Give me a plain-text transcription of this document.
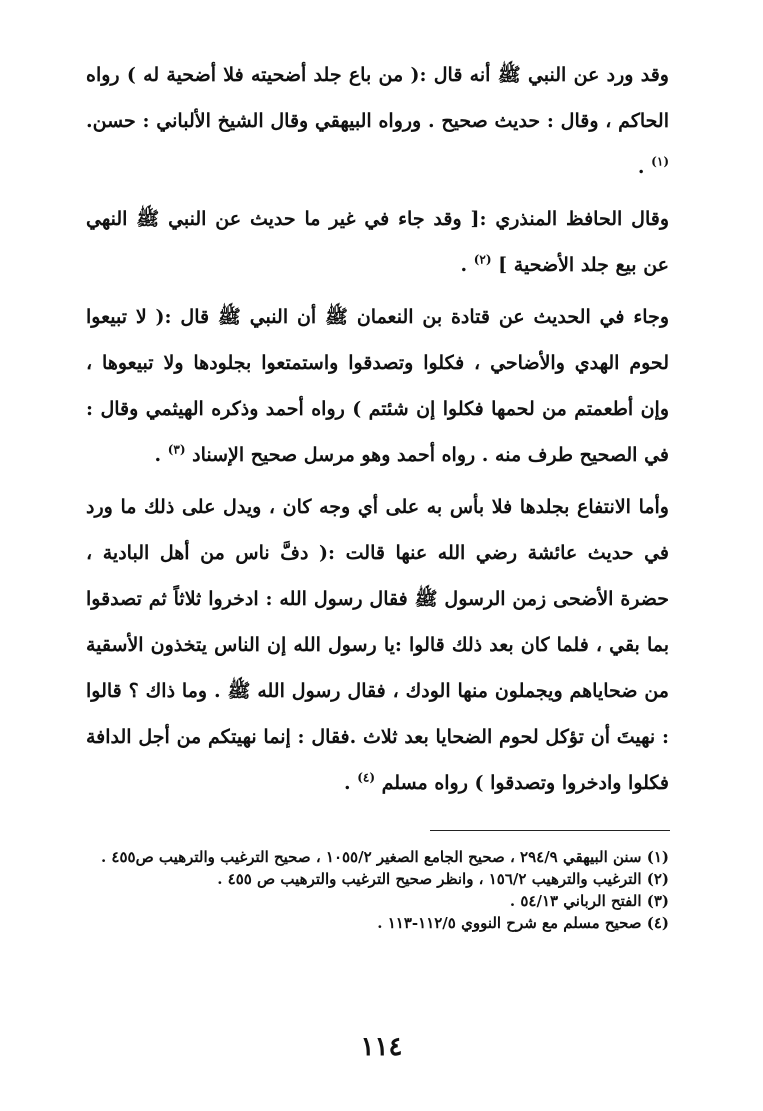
وقد ورد عن النبي ﷺ أنه قال :( من باع جلد أضحيته فلا أضحية له ) رواه الحاكم ، وقال : حديث صحيح . ورواه البيهقي وقال الشيخ الألباني : حسن. $^{(١)}$ .

وقال الحافظ المنذري :[ وقد جاء في غير ما حديث عن النبي ﷺ النهي عن بيع جلد الأضحية ] $^{(٢)}$ .

وجاء في الحديث عن قتادة بن النعمان ﷺ أن النبي ﷺ قال :( لا تبيعوا لحوم الهدي والأضاحي ، فكلوا وتصدقوا واستمتعوا بجلودها ولا تبيعوها ، وإن أطعمتم من لحمها فكلوا إن شئتم ) رواه أحمد وذكره الهيثمي وقال : في الصحيح طرف منه . رواه أحمد وهو مرسل صحيح الإسناد $^{(٣)}$ .

وأما الانتفاع بجلدها فلا بأس به على أي وجه كان ، ويدل على ذلك ما ورد في حديث عائشة رضي الله عنها قالت :( دفَّ ناس من أهل البادية ، حضرة الأضحى زمن الرسول ﷺ فقال رسول الله : ادخروا ثلاثاً ثم تصدقوا بما بقي ، فلما كان بعد ذلك قالوا :يا رسول الله إن الناس يتخذون الأسقية من ضحاياهم ويجملون منها الودك ، فقال رسول الله ﷺ . وما ذاك ؟ قالوا : نهيتَ أن تؤكل لحوم الضحايا بعد ثلاث .فقال : إنما نهيتكم من أجل الدافة فكلوا وادخروا وتصدقوا ) رواه مسلم $^{(٤)}$ .

(١) سنن البيهقي ٢٩٤/٩ ، صحيح الجامع الصغير ١٠٥٥/٢ ، صحيح الترغيب والترهيب ص٤٥٥ .

(٢) الترغيب والترهيب ١٥٦/٢ ، وانظر صحيح الترغيب والترهيب ص ٤٥٥ .

(٣) الفتح الرباني ٥٤/١٣ .

(٤) صحيح مسلم مع شرح النووي ١١٢/٥-١١٣ .

١١٤
